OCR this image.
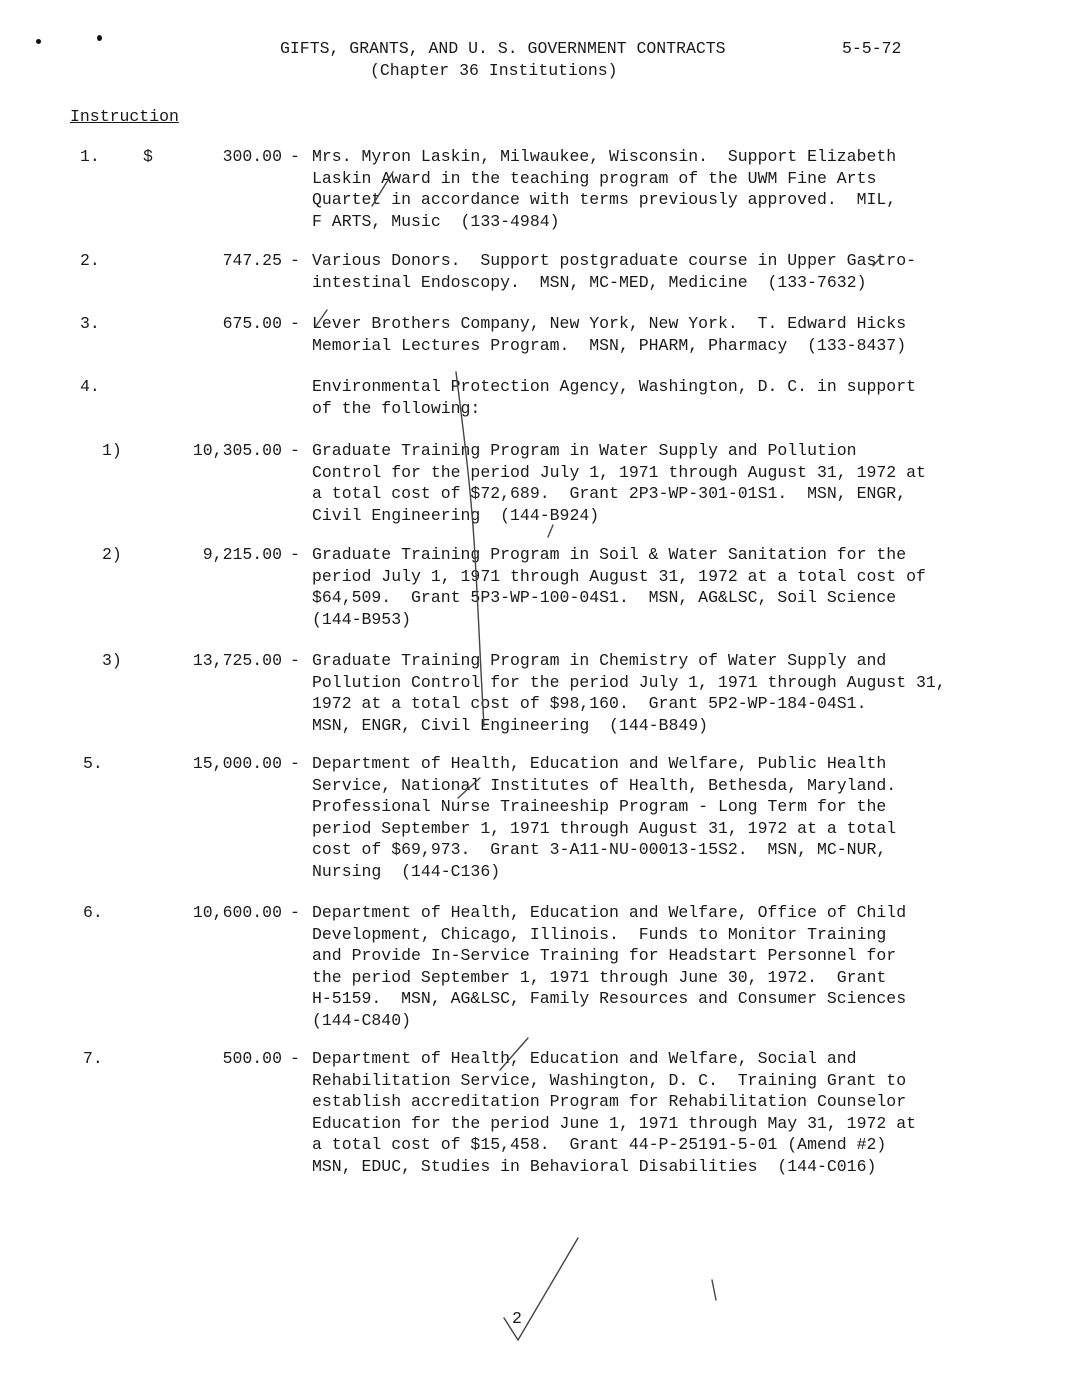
GIFTS, GRANTS, AND U. S. GOVERNMENT CONTRACTS
(Chapter 36 Institutions)
5-5-72
Instruction
1.	$	300.00 - Mrs. Myron Laskin, Milwaukee, Wisconsin.  Support Elizabeth
Laskin Award in the teaching program of the UWM Fine Arts
Quartet in accordance with terms previously approved.  MIL,
F ARTS, Music  (133-4984)
2.	747.25 - Various Donors.  Support postgraduate course in Upper Gastro-
intestinal Endoscopy.  MSN, MC-MED, Medicine  (133-7632)
3.	675.00 - Lever Brothers Company, New York, New York.  T. Edward Hicks
Memorial Lectures Program.  MSN, PHARM, Pharmacy  (133-8437)
4.	Environmental Protection Agency, Washington, D. C. in support
of the following:
1)	10,305.00 - Graduate Training Program in Water Supply and Pollution
Control for the period July 1, 1971 through August 31, 1972 at
a total cost of $72,689.  Grant 2P3-WP-301-01S1.  MSN, ENGR,
Civil Engineering  (144-B924)
2)	9,215.00 - Graduate Training Program in Soil & Water Sanitation for the
period July 1, 1971 through August 31, 1972 at a total cost of
$64,509.  Grant 5P3-WP-100-04S1.  MSN, AG&LSC, Soil Science
(144-B953)
3)	13,725.00 - Graduate Training Program in Chemistry of Water Supply and
Pollution Control for the period July 1, 1971 through August 31,
1972 at a total cost of $98,160.  Grant 5P2-WP-184-04S1.
MSN, ENGR, Civil Engineering  (144-B849)
5.	15,000.00 - Department of Health, Education and Welfare, Public Health
Service, National Institutes of Health, Bethesda, Maryland.
Professional Nurse Traineeship Program - Long Term for the
period September 1, 1971 through August 31, 1972 at a total
cost of $69,973.  Grant 3-A11-NU-00013-15S2.  MSN, MC-NUR,
Nursing  (144-C136)
6.	10,600.00 - Department of Health, Education and Welfare, Office of Child
Development, Chicago, Illinois.  Funds to Monitor Training
and Provide In-Service Training for Headstart Personnel for
the period September 1, 1971 through June 30, 1972.  Grant
H-5159.  MSN, AG&LSC, Family Resources and Consumer Sciences
(144-C840)
7.	500.00 - Department of Health, Education and Welfare, Social and
Rehabilitation Service, Washington, D. C.  Training Grant to
establish accreditation Program for Rehabilitation Counselor
Education for the period June 1, 1971 through May 31, 1972 at
a total cost of $15,458.  Grant 44-P-25191-5-01 (Amend #2)
MSN, EDUC, Studies in Behavioral Disabilities  (144-C016)
2
